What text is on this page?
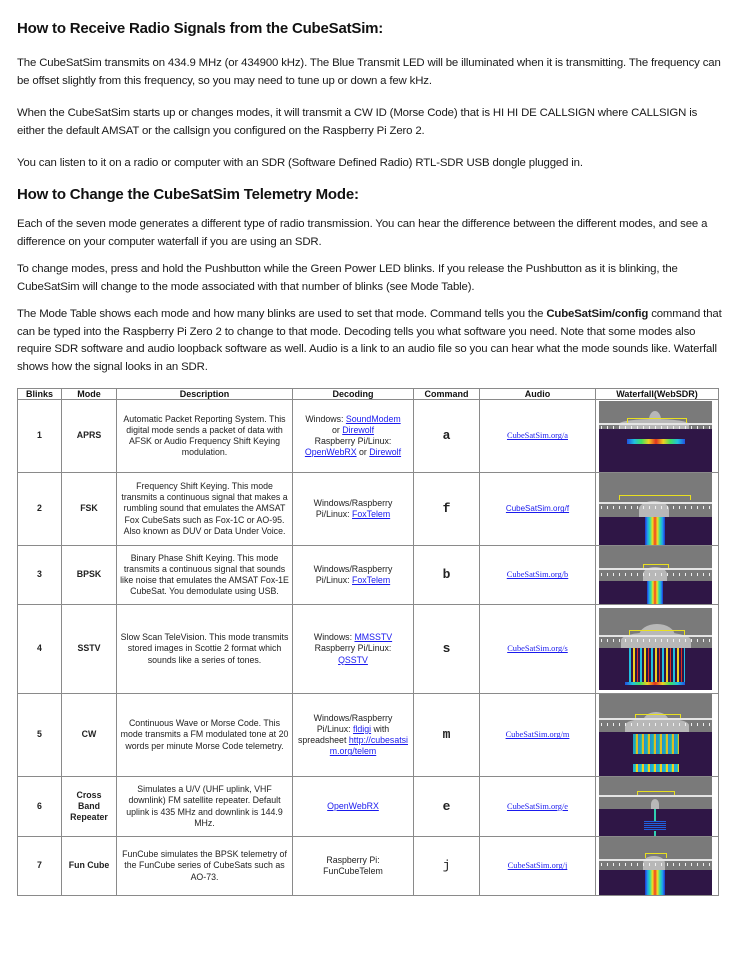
How to Receive Radio Signals from the CubeSatSim:
The CubeSatSim transmits on 434.9 MHz (or 434900 kHz). The Blue Transmit LED will be illuminated when it is transmitting. The frequency can be offset slightly from this frequency, so you may need to tune up or down a few kHz.
When the CubeSatSim starts up or changes modes, it will transmit a CW ID (Morse Code) that is HI HI DE CALLSIGN where CALLSIGN is either the default AMSAT or the callsign you configured on the Raspberry Pi Zero 2.
You can listen to it on a radio or computer with an SDR (Software Defined Radio) RTL-SDR USB dongle plugged in.
How to Change the CubeSatSim Telemetry Mode:
Each of the seven mode generates a different type of radio transmission. You can hear the difference between the different modes, and see a difference on your computer waterfall if you are using an SDR.
To change modes, press and hold the Pushbutton while the Green Power LED blinks. If you release the Pushbutton as it is blinking, the CubeSatSim will change to the mode associated with that number of blinks (see Mode Table).
The Mode Table shows each mode and how many blinks are used to set that mode. Command tells you the CubeSatSim/config command that can be typed into the Raspberry Pi Zero 2 to change to that mode. Decoding tells you what software you need. Note that some modes also require SDR software and audio loopback software as well. Audio is a link to an audio file so you can hear what the mode sounds like. Waterfall shows how the signal looks in an SDR.
Blinks	Mode	Description	Decoding	Command	Audio	Waterfall(WebSDR)
1	APRS	Automatic Packet Reporting System. This digital mode sends a packet of data with AFSK or Audio Frequency Shift Keying modulation.	Windows: SoundModem
or Direwolf
Raspberry Pi/Linux:
OpenWebRX or Direwolf	a	CubeSatSim.org/a	

2	FSK	Frequency Shift Keying. This mode transmits a continuous signal that makes a rumbling sound that emulates the AMSAT Fox CubeSats such as Fox-1C or AO-95. Also known as DUV or Data Under Voice.	Windows/Raspberry Pi/Linux: FoxTelem	f	CubeSatSim.org/f	

3	BPSK	Binary Phase Shift Keying. This mode transmits a continuous signal that sounds like noise that emulates the AMSAT Fox-1E CubeSat. You demodulate using USB.	Windows/Raspberry Pi/Linux: FoxTelem	b	CubeSatSim.org/b	

4	SSTV	Slow Scan TeleVision. This mode transmits stored images in Scottie 2 format which sounds like a series of tones.	Windows: MMSSTV
Raspberry Pi/Linux:
QSSTV	s	CubeSatSim.org/s	

5	CW	Continuous Wave or Morse Code. This mode transmits a FM modulated tone at 20 words per minute Morse Code telemetry.	Windows/Raspberry Pi/Linux: fldigi with spreadsheet http://cubesatsim.org/telem	m	CubeSatSim.org/m	

6	Cross Band Repeater	Simulates a U/V (UHF uplink, VHF downlink) FM satellite repeater. Default uplink is 435 MHz and downlink is 144.9 MHz.	OpenWebRX	e	CubeSatSim.org/e	

7	Fun Cube	FunCube simulates the BPSK telemetry of the FunCube series of CubeSats such as AO-73.	Raspberry Pi: FunCubeTelem	j	CubeSatSim.org/j	
